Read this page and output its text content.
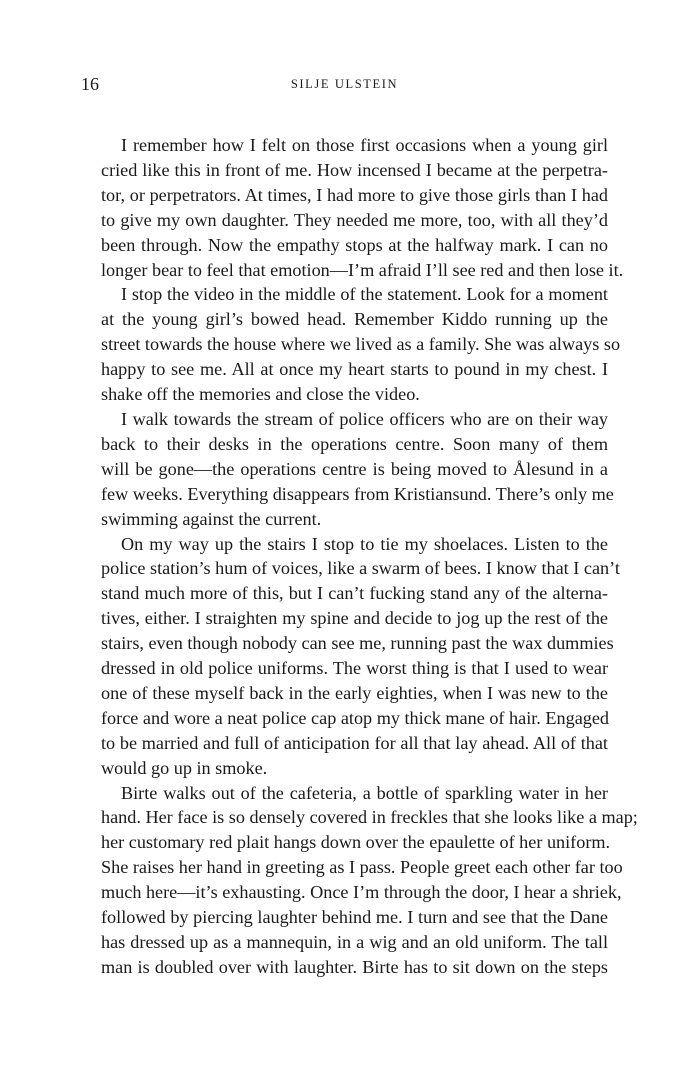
16	SILJE ULSTEIN

I remember how I felt on those first occasions when a young girl
cried like this in front of me. How incensed I became at the perpetra-
tor, or perpetrators. At times, I had more to give those girls than I had
to give my own daughter. They needed me more, too, with all they’d
been through. Now the empathy stops at the halfway mark. I can no
longer bear to feel that emotion—I’m afraid I’ll see red and then lose it.

I stop the video in the middle of the statement. Look for a moment
at the young girl’s bowed head. Remember Kiddo running up the
street towards the house where we lived as a family. She was always so
happy to see me. All at once my heart starts to pound in my chest. I
shake off the memories and close the video.

I walk towards the stream of police officers who are on their way
back to their desks in the operations centre. Soon many of them
will be gone—the operations centre is being moved to Ålesund in a
few weeks. Everything disappears from Kristiansund. There’s only me
swimming against the current.

On my way up the stairs I stop to tie my shoelaces. Listen to the
police station’s hum of voices, like a swarm of bees. I know that I can’t
stand much more of this, but I can’t fucking stand any of the alterna-
tives, either. I straighten my spine and decide to jog up the rest of the
stairs, even though nobody can see me, running past the wax dummies
dressed in old police uniforms. The worst thing is that I used to wear
one of these myself back in the early eighties, when I was new to the
force and wore a neat police cap atop my thick mane of hair. Engaged
to be married and full of anticipation for all that lay ahead. All of that
would go up in smoke.

Birte walks out of the cafeteria, a bottle of sparkling water in her
hand. Her face is so densely covered in freckles that she looks like a map;
her customary red plait hangs down over the epaulette of her uniform.
She raises her hand in greeting as I pass. People greet each other far too
much here—it’s exhausting. Once I’m through the door, I hear a shriek,
followed by piercing laughter behind me. I turn and see that the Dane
has dressed up as a mannequin, in a wig and an old uniform. The tall
man is doubled over with laughter. Birte has to sit down on the steps
